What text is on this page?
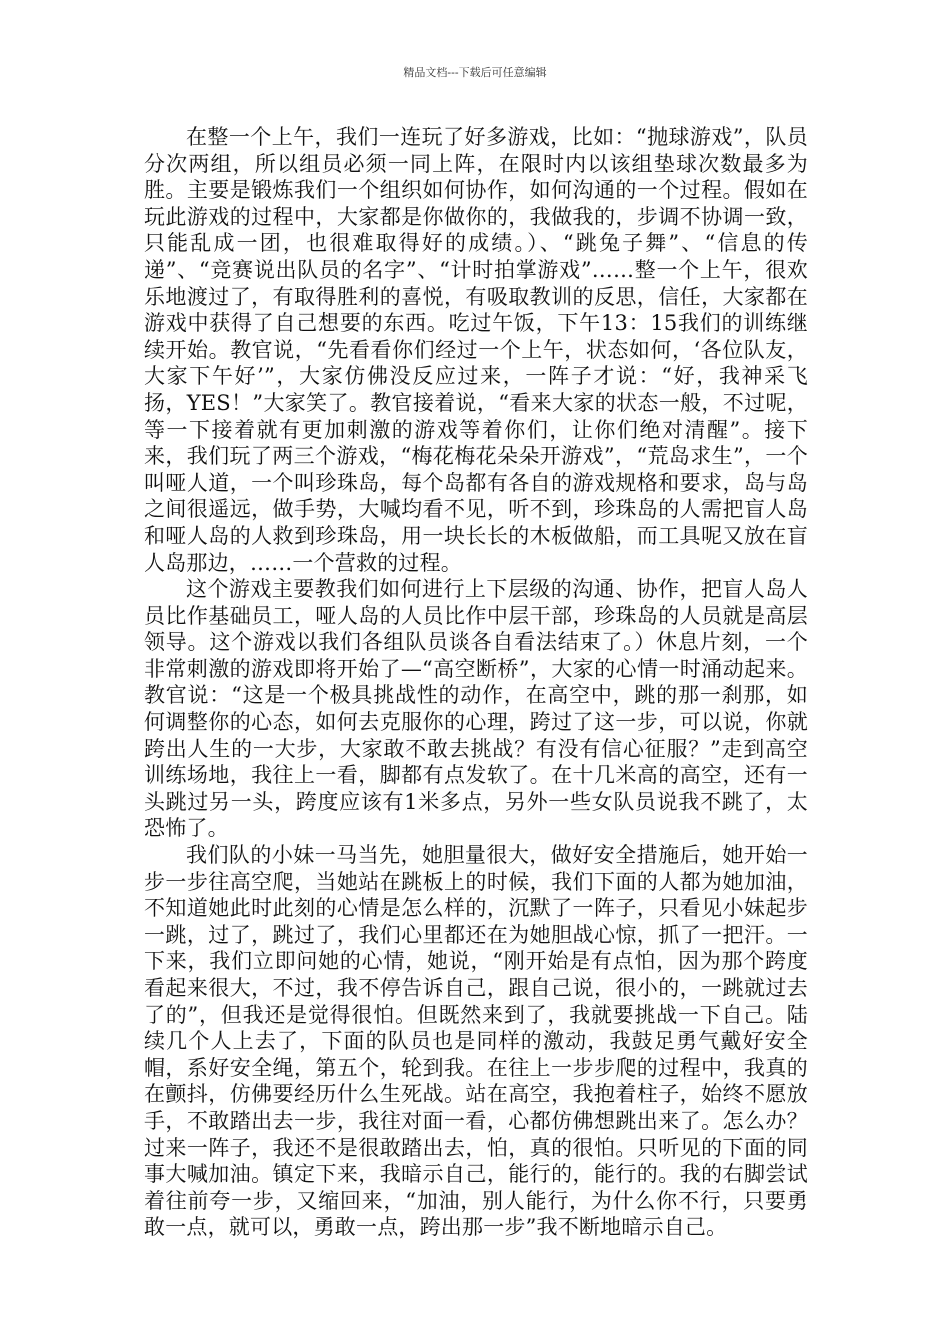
精品文档---下载后可任意编辑

在整一个上午，我们一连玩了好多游戏，比如：“抛球游戏”，队员分次两组，所以组员必须一同上阵，在限时内以该组垫球次数最多为胜。主要是锻炼我们一个组织如何协作，如何沟通的一个过程。假如在玩此游戏的过程中，大家都是你做你的，我做我的，步调不协调一致，只能乱成一团，也很难取得好的成绩。）、“跳兔子舞”、“信息的传递”、“竞赛说出队员的名字”、“计时拍掌游戏”……整一个上午，很欢乐地渡过了，有取得胜利的喜悦，有吸取教训的反思，信任，大家都在游戏中获得了自己想要的东西。吃过午饭，下午13：15我们的训练继续开始。教官说，“先看看你们经过一个上午，状态如何，‘各位队友，大家下午好’”，大家仿佛没反应过来，一阵子才说：“好，我神采飞扬，YES！”大家笑了。教官接着说，“看来大家的状态一般，不过呢，等一下接着就有更加刺激的游戏等着你们，让你们绝对清醒”。接下来，我们玩了两三个游戏，“梅花梅花朵朵开游戏”，“荒岛求生”，一个叫哑人道，一个叫珍珠岛，每个岛都有各自的游戏规格和要求，岛与岛之间很遥远，做手势，大喊均看不见，听不到，珍珠岛的人需把盲人岛和哑人岛的人救到珍珠岛，用一块长长的木板做船，而工具呢又放在盲人岛那边，……一个营救的过程。

这个游戏主要教我们如何进行上下层级的沟通、协作，把盲人岛人员比作基础员工，哑人岛的人员比作中层干部，珍珠岛的人员就是高层领导。这个游戏以我们各组队员谈各自看法结束了。）休息片刻，一个非常刺激的游戏即将开始了—“高空断桥”，大家的心情一时涌动起来。教官说：“这是一个极具挑战性的动作，在高空中，跳的那一刹那，如何调整你的心态，如何去克服你的心理，跨过了这一步，可以说，你就跨出人生的一大步，大家敢不敢去挑战？有没有信心征服？”走到高空训练场地，我往上一看，脚都有点发软了。在十几米高的高空，还有一头跳过另一头，跨度应该有1米多点，另外一些女队员说我不跳了，太恐怖了。

我们队的小妹一马当先，她胆量很大，做好安全措施后，她开始一步一步往高空爬，当她站在跳板上的时候，我们下面的人都为她加油，不知道她此时此刻的心情是怎么样的，沉默了一阵子，只看见小妹起步一跳，过了，跳过了，我们心里都还在为她胆战心惊，抓了一把汗。一下来，我们立即问她的心情，她说，“刚开始是有点怕，因为那个跨度看起来很大，不过，我不停告诉自己，跟自己说，很小的，一跳就过去了的”，但我还是觉得很怕。但既然来到了，我就要挑战一下自己。陆续几个人上去了，下面的队员也是同样的激动，我鼓足勇气戴好安全帽，系好安全绳，第五个，轮到我。在往上一步步爬的过程中，我真的在颤抖，仿佛要经历什么生死战。站在高空，我抱着柱子，始终不愿放手，不敢踏出去一步，我往对面一看，心都仿佛想跳出来了。怎么办？过来一阵子，我还不是很敢踏出去，怕，真的很怕。只听见的下面的同事大喊加油。镇定下来，我暗示自己，能行的，能行的。我的右脚尝试着往前夸一步，又缩回来，“加油，别人能行，为什么你不行，只要勇敢一点，就可以，勇敢一点，跨出那一步”我不断地暗示自己。
